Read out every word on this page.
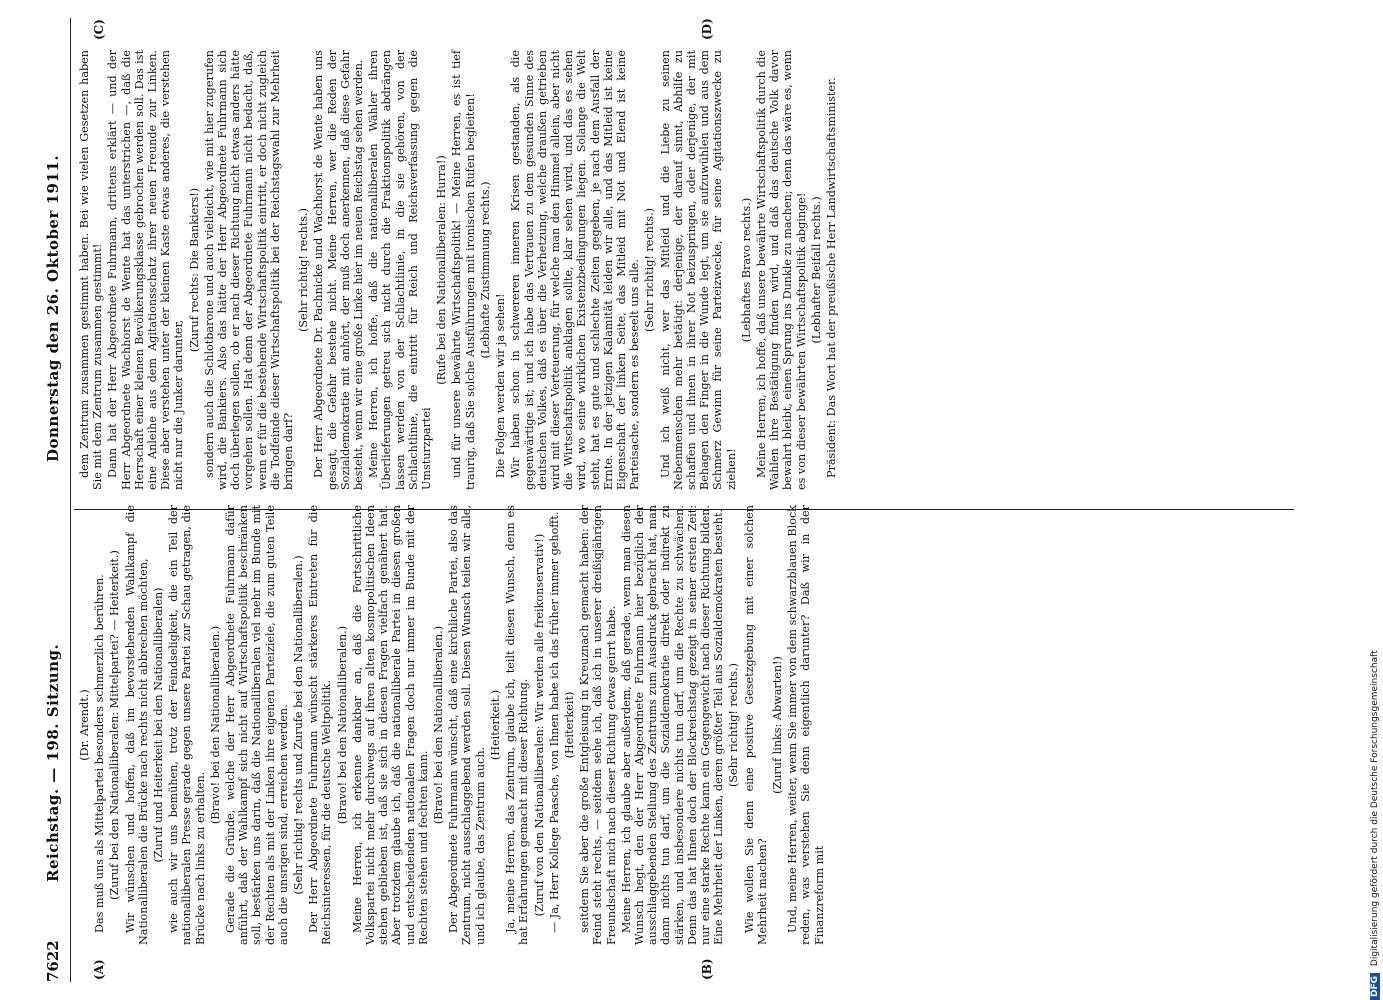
7622
Reichstag. — 198. Sitzung.
Donnerstag den 26. Oktober 1911.
(A)	(B)
(C)	(D)

(Dr. Arendt.) Das muß uns als Mittelpartei besonders schmerzlich berühren. (Zuruf bei den Nationalliberalen: Mittelpartei? — Heiterkeit.) Wir wünschen und hoffen, daß im bevorstehenden Wahlkampf die Nationalliberalen die Brücke nach rechts nicht abbrechen möchten, (Zuruf und Heiterkeit bei den Nationalliberalen) wie auch wir uns bemühen, trotz der Feindseligkeit, die ein Teil der nationalliberalen Presse gerade gegen unsere Partei zur Schau getragen, die Brücke nach links zu erhalten.

(Bravo! bei den Nationalliberalen.) Gerade die Gründe, welche der Herr Abgeordnete Fuhrmann dafür anführt, daß der Wahlkampf sich nicht auf Wirtschaftspolitik beschränken soll, bestärken uns darin, daß die Nationalliberalen viel mehr im Bunde mit der Rechten als mit der Linken ihre eigenen Parteiziele, die zum guten Teile auch die unsrigen sind, erreichen werden. (Sehr richtig! rechts und Zurufe bei den Nationalliberalen.) Der Herr Abgeordnete Fuhrmann wünscht stärkeres Eintreten für die Reichsinteressen, für die deutsche Weltpolitik. (Bravo! bei den Nationalliberalen.) Meine Herren, ich erkenne dankbar an, daß die Fortschrittliche Volkspartei nicht mehr durchwegs auf ihren alten kosmopolitischen Ideen stehen geblieben ist, daß sie sich in diesen Fragen vielfach genähert hat. Aber trotzdem glaube ich, daß die nationalliberale Partei in diesen großen und entscheidenden nationalen Fragen doch nur immer im Bunde mit der Rechten stehen und fechten kann.

(Bravo! bei den Nationalliberalen.) Der Abgeordnete Fuhrmann wünscht, daß eine kirchliche Partei, also das Zentrum, nicht ausschlaggebend werden soll. Diesen Wunsch teilen wir alle, und ich glaube, das Zentrum auch.

(Heiterkeit.) Ja, meine Herren, das Zentrum, glaube ich, teilt diesen Wunsch, denn es hat Erfahrungen gemacht mit dieser Richtung. (Zuruf von den Nationalliberalen: Wir werden alle freikonservativ!) — Ja, Herr Kollege Paasche, von Ihnen habe ich das früher immer gehofft. (Heiterkeit) seitdem Sie aber die große Entgleisung in Kreuznach gemacht haben: der Feind steht rechts, — seitdem sehe ich, daß ich in unserer dreißigjährigen Freundschaft mich nach dieser Richtung etwas geirrt habe. Meine Herren, ich glaube aber außerdem, daß gerade, wenn man diesen Wunsch hegt, den der Herr Abgeordnete Fuhrmann hier bezüglich der ausschlaggebenden Stellung des Zentrums zum Ausdruck gebracht hat, man dann nichts tun darf, um die Sozialdemokratie direkt oder indirekt zu stärken, und insbesondere nichts tun darf, um die Rechte zu schwächen. Denn das hat Ihnen doch der Blockreichstag gezeigt in seiner ersten Zeit: nur eine starke Rechte kann ein Gegengewicht nach dieser Richtung bilden. Eine Mehrheit der Linken, deren größter Teil aus Sozialdemokraten besteht. (Sehr richtig! rechts.) Wie wollen Sie denn eine positive Gesetzgebung mit einer solchen Mehrheit machen?

(Zuruf links: Abwarten!) Und, meine Herren, weiter, wenn Sie immer von dem schwarzblauen Block reden, was verstehen Sie denn eigentlich darunter? Daß wir in der Finanzreform mit

dem Zentrum zusammen gestimmt haben. Bei wie vielen Gesetzen haben Sie mit dem Zentrum zusammen gestimmt! Dann hat der Herr Abgeordnete Fuhrmann, drittens erklärt — und der Herr Abgeordnete Wachhorst de Wente hat das unterstrichen —, daß die Herrschaft einer kleinen Bevölkerungsklasse gebrochen werden soll. Das ist eine Anleihe aus dem Agitationsschatz ihrer neuen Freunde zur Linken. Diese aber verstehen unter der kleinen Kaste etwas anderes, die verstehen nicht nur die Junker darunter,

(Zuruf rechts: Die Bankiers!) sondern auch die Schlotbarone und auch vielleicht, wie mit hier zugerufen wird, die Bankiers. Also das hätte der Herr Abgeordnete Fuhrmann sich doch überlegen sollen, ob er nach dieser Richtung nicht etwas anders hätte vorgehen sollen. Hat denn der Abgeordnete Fuhrmann nicht bedacht, daß, wenn er für die bestehende Wirtschaftspolitik eintritt, er doch nicht zugleich die Todfeinde dieser Wirtschaftspolitik bei der Reichstagswahl zur Mehrheit bringen darf?

(Sehr richtig! rechts.) Der Herr Abgeordnete Dr. Pachnicke und Wachhorst de Wente haben uns gesagt, die Gefahr bestehe nicht. Meine Herren, wer die Reden der Sozialdemokratie mit anhört, der muß doch anerkennen, daß diese Gefahr besteht, wenn wir eine große Linke hier im neuen Reichstag sehen werden. Meine Herren, ich hoffe, daß die nationalliberalen Wähler ihren Überlieferungen getreu sich nicht durch die Fraktionspolitik abdrängen lassen werden von der Schlachtlinie, in die sie gehören, von der Schlachtlinie, die eintritt für Reich und Reichsverfassung gegen die Umsturzpartei

(Rufe bei den Nationalliberalen: Hurra!) und für unsere bewährte Wirtschaftspolitik! — Meine Herren, es ist tief traurig, daß Sie solche Ausführungen mit ironischen Rufen begleiten! (Lebhafte Zustimmung rechts.)

Die Folgen werden wir ja sehen! Wir haben schon in schwereren inneren Krisen gestanden, als die gegenwärtige ist; und ich habe das Vertrauen zu dem gesunden Sinne des deutschen Volkes, daß es über die Verhetzung, welche draußen getrieben wird mit dieser Verteuerung, für welche man den Himmel allein, aber nicht die Wirtschaftspolitik anklagen sollte, klar sehen wird, und das es sehen wird, wo seine wirklichen Existenzbedingungen liegen. Solange die Welt steht, hat es gute und schlechte Zeiten gegeben, je nach dem Ausfall der Ernte. In der jetzigen Kalamität leiden wir alle, und das Mitleid ist keine Eigenschaft der linken Seite, das Mitleid mit Not und Elend ist keine Parteisache, sondern es beseelt uns alle. (Sehr richtig! rechts.) Und ich weiß nicht, wer das Mitleid und die Liebe zu seinen Nebenmenschen mehr betätigt: derjenige, der darauf sinnt, Abhilfe zu schaffen und ihnen in ihrer Not beizuspringen, oder derjenige, der mit Behagen den Finger in die Wunde legt, um sie aufzuwühlen und aus dem Schmerz Gewinn für seine Parteizwecke, für seine Agitationszwecke zu ziehen!

(Lebhaftes Bravo rechts.) Meine Herren, ich hoffe, daß unsere bewährte Wirtschaftspolitik durch die Wahlen ihre Bestätigung finden wird, und daß das deutsche Volk davor bewahrt bleibt, einen Sprung ins Dunkle zu machen; denn das wäre es, wenn es von dieser bewährten Wirtschaftspolitik abginge! (Lebhafter Beifall rechts.) Präsident: Das Wort hat der preußische Herr Landwirtschaftsminister.

DFG Digitalisierung gefördert durch die Deutsche Forschungsgemeinschaft
